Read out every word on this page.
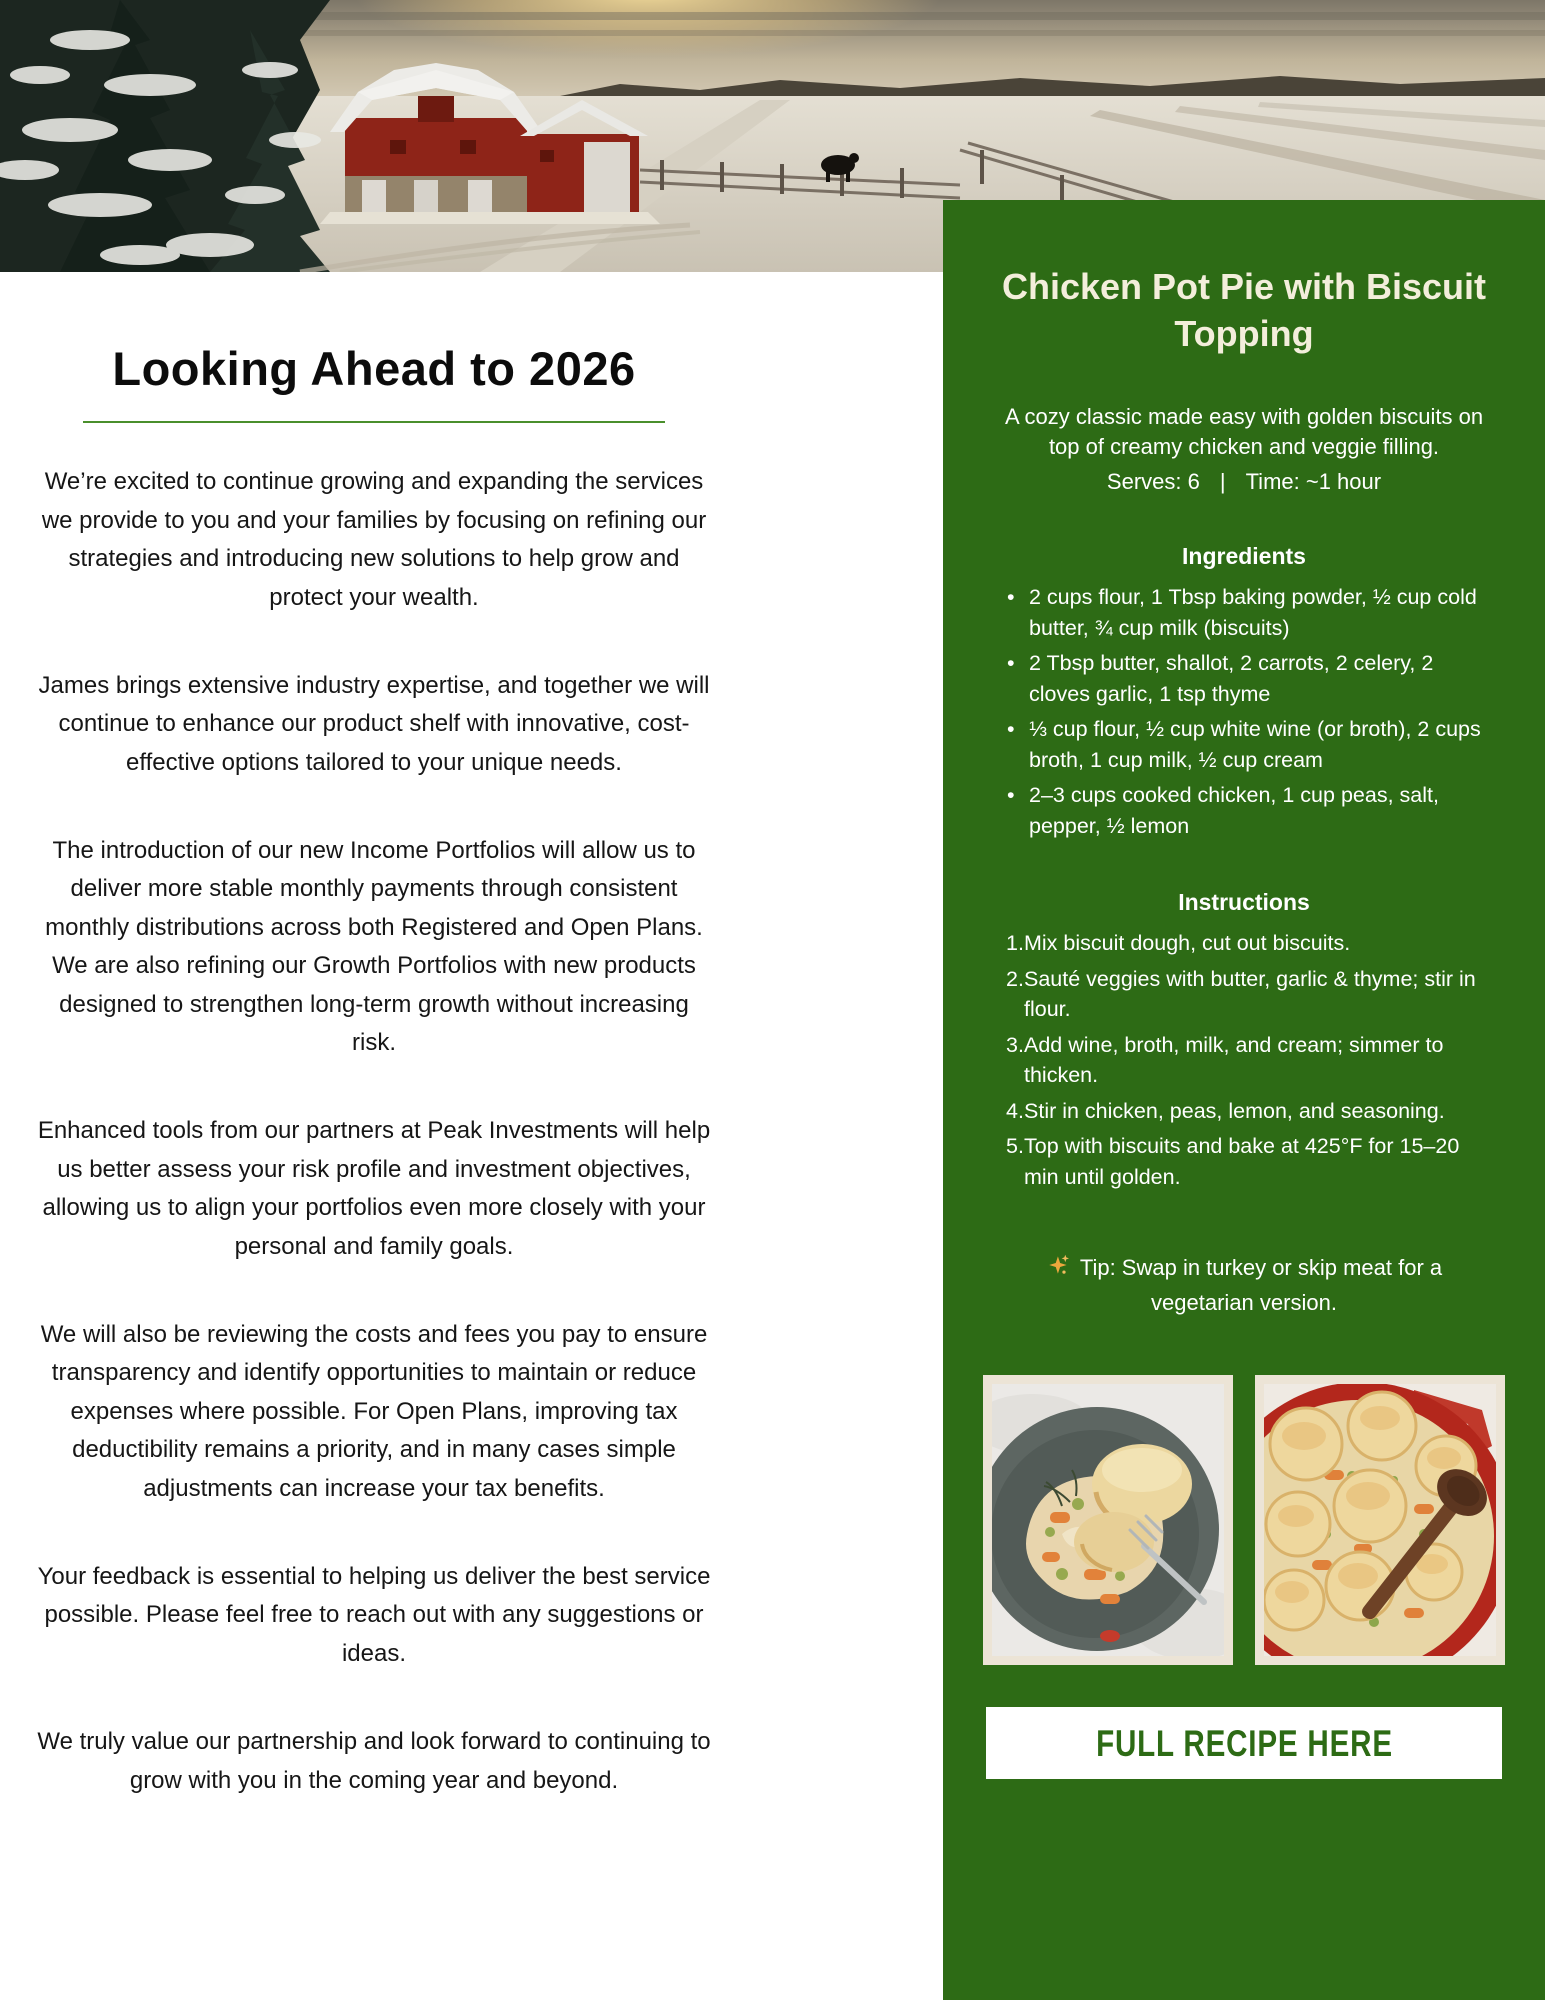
Looking Ahead to 2026

We’re excited to continue growing and expanding the services we provide to you and your families by focusing on refining our strategies and introducing new solutions to help grow and protect your wealth.

James brings extensive industry expertise, and together we will continue to enhance our product shelf with innovative, cost-effective options tailored to your unique needs.

The introduction of our new Income Portfolios will allow us to deliver more stable monthly payments through consistent monthly distributions across both Registered and Open Plans. We are also refining our Growth Portfolios with new products designed to strengthen long-term growth without increasing risk.

Enhanced tools from our partners at Peak Investments will help us better assess your risk profile and investment objectives, allowing us to align your portfolios even more closely with your personal and family goals.

We will also be reviewing the costs and fees you pay to ensure transparency and identify opportunities to maintain or reduce expenses where possible. For Open Plans, improving tax deductibility remains a priority, and in many cases simple adjustments can increase your tax benefits.

Your feedback is essential to helping us deliver the best service possible. Please feel free to reach out with any suggestions or ideas.

We truly value our partnership and look forward to continuing to grow with you in the coming year and beyond.

Chicken Pot Pie with Biscuit Topping
A cozy classic made easy with golden biscuits on top of creamy chicken and veggie filling.
Serves: 6 | Time: ~1 hour
Ingredients
• 2 cups flour, 1 Tbsp baking powder, ½ cup cold butter, ¾ cup milk (biscuits)
• 2 Tbsp butter, shallot, 2 carrots, 2 celery, 2 cloves garlic, 1 tsp thyme
• ⅓ cup flour, ½ cup white wine (or broth), 2 cups broth, 1 cup milk, ½ cup cream
• 2–3 cups cooked chicken, 1 cup peas, salt, pepper, ½ lemon
Instructions
Mix biscuit dough, cut out biscuits.
Sauté veggies with butter, garlic & thyme; stir in flour.
Add wine, broth, milk, and cream; simmer to thicken.
Stir in chicken, peas, lemon, and seasoning.
Top with biscuits and bake at 425°F for 15–20 min until golden.
Tip: Swap in turkey or skip meat for a vegetarian version.
FULL RECIPE HERE
